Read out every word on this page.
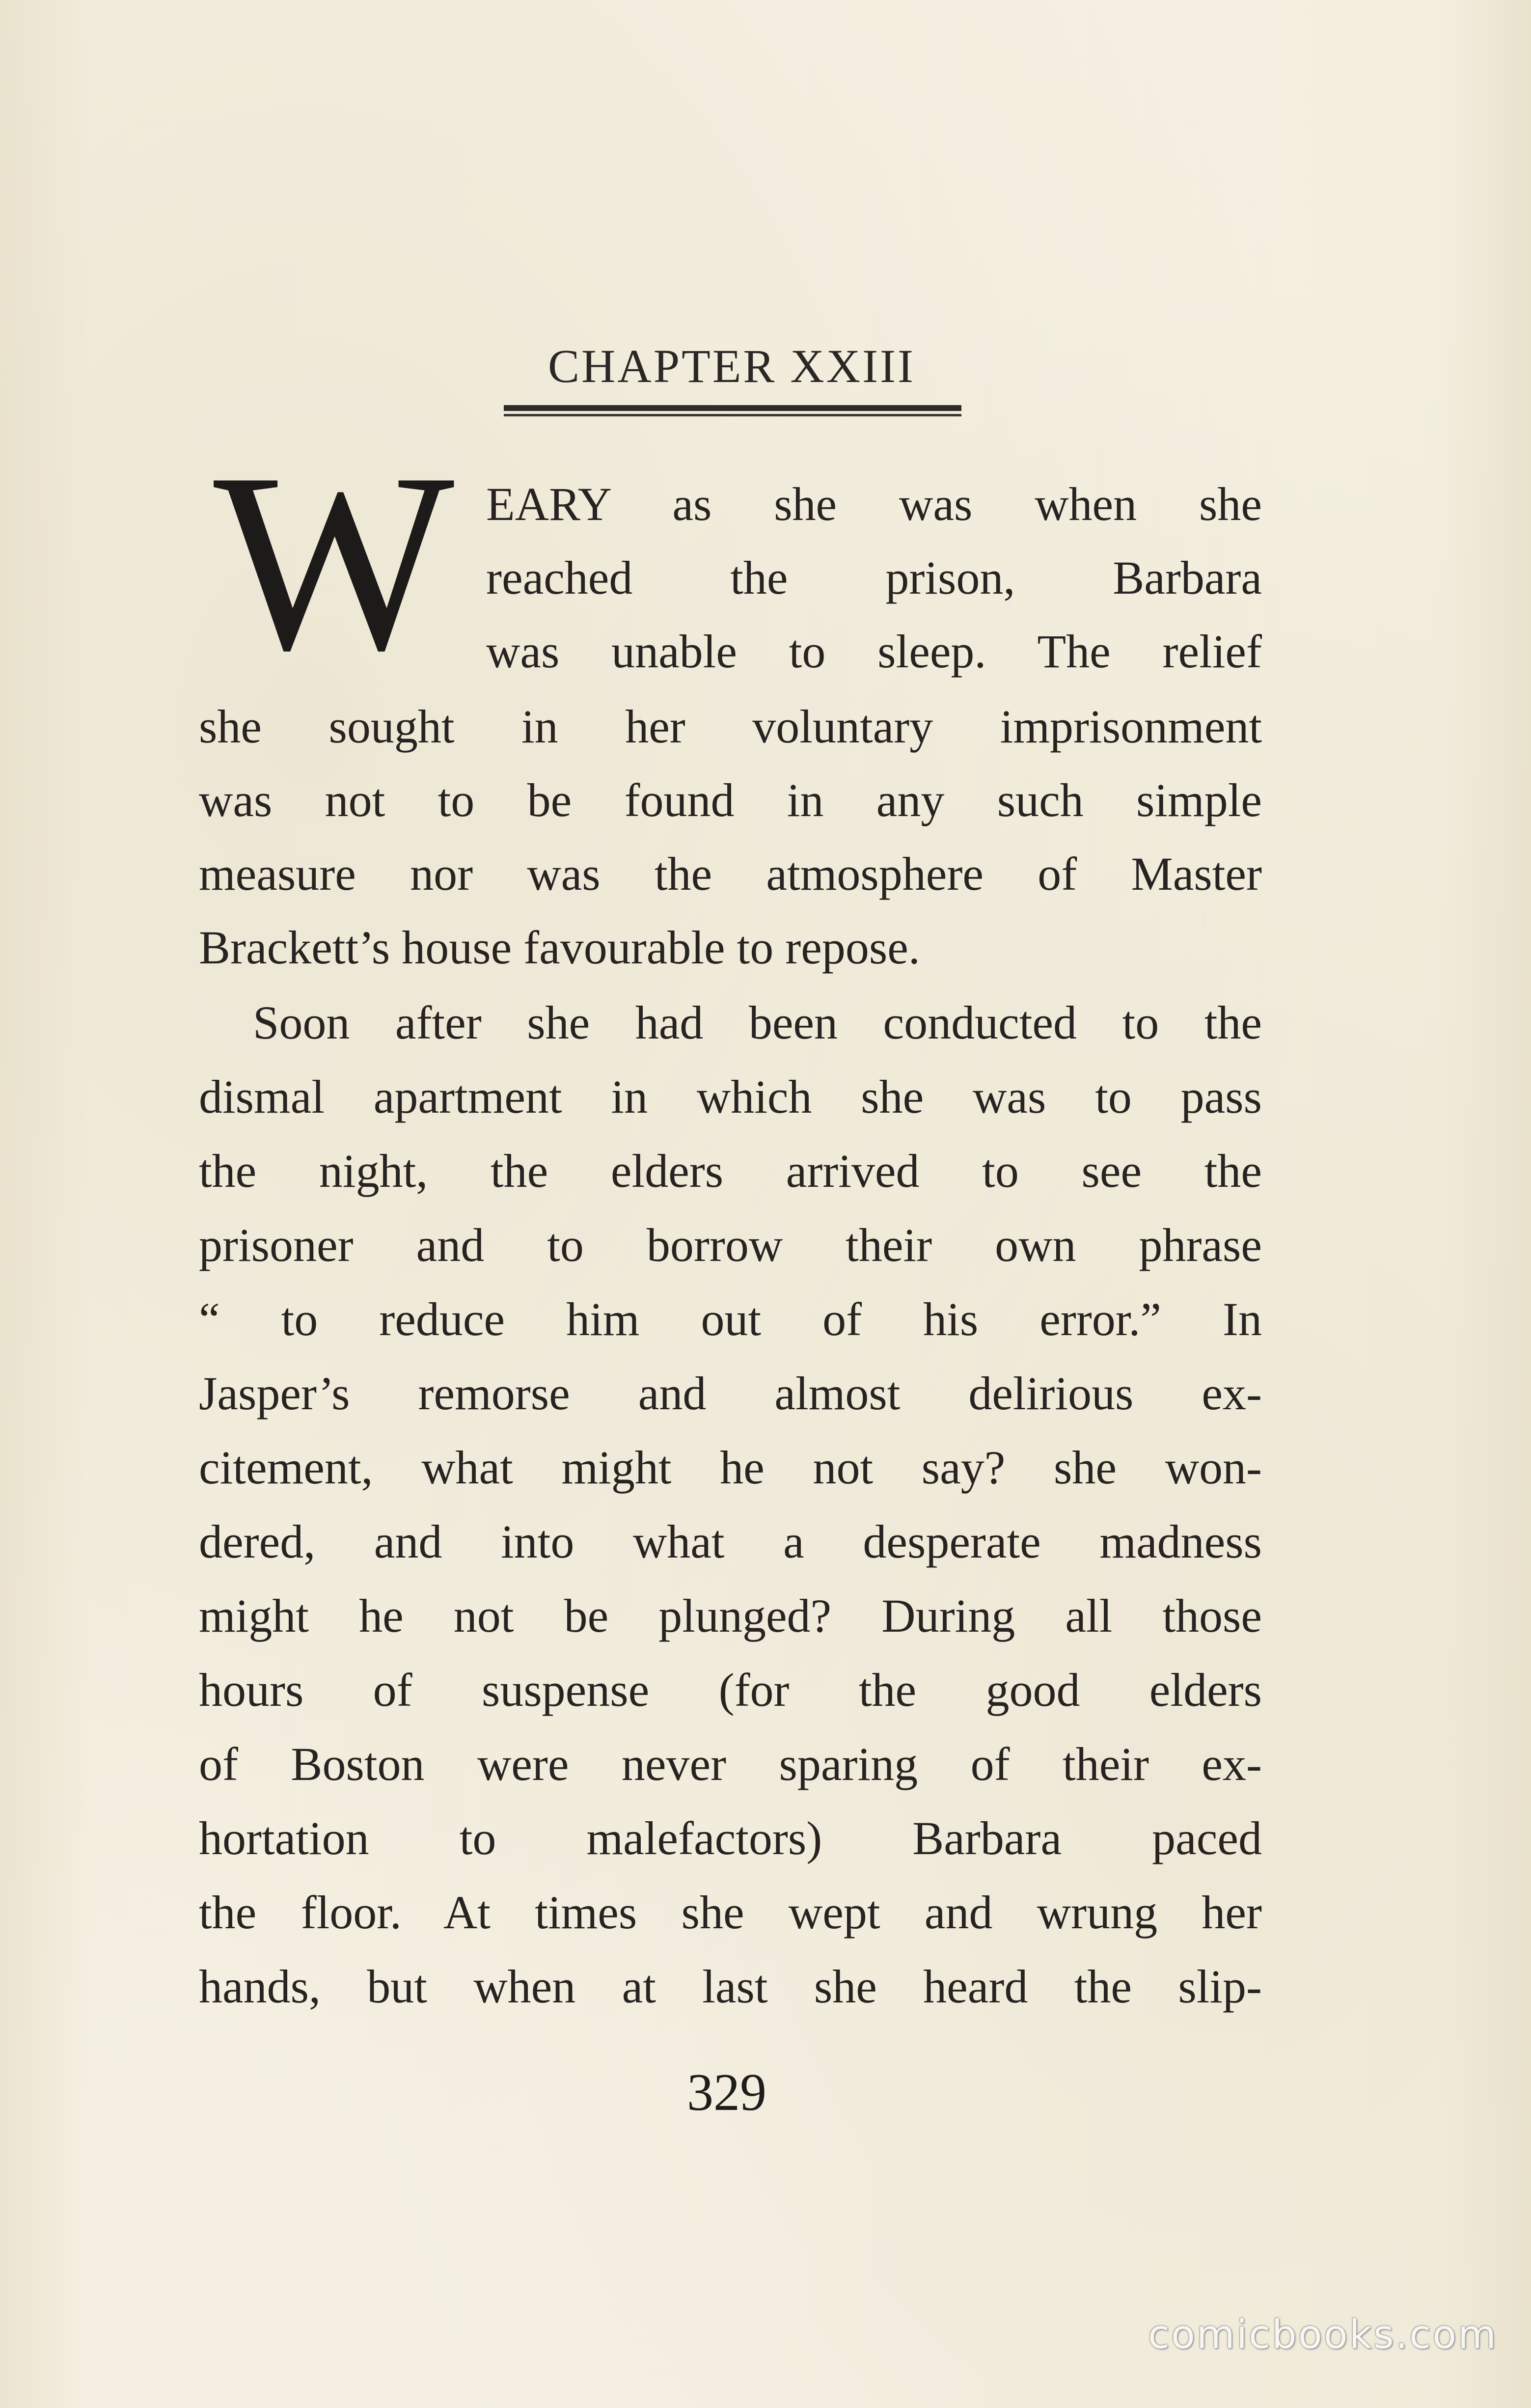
CHAPTER XXIII
W EARY as she was when she
reached the prison, Barbara
was unable to sleep. The relief
she sought in her voluntary imprisonment
was not to be found in any such simple
measure nor was the atmosphere of Master
Brackett’s house favourable to repose.
Soon after she had been conducted to the
dismal apartment in which she was to pass
the night, the elders arrived to see the
prisoner and to borrow their own phrase
“ to reduce him out of his error.” In
Jasper’s remorse and almost delirious ex-
citement, what might he not say? she won-
dered, and into what a desperate madness
might he not be plunged? During all those
hours of suspense (for the good elders
of Boston were never sparing of their ex-
hortation to malefactors) Barbara paced
the floor. At times she wept and wrung her
hands, but when at last she heard the slip-
329
comicbooks.com
